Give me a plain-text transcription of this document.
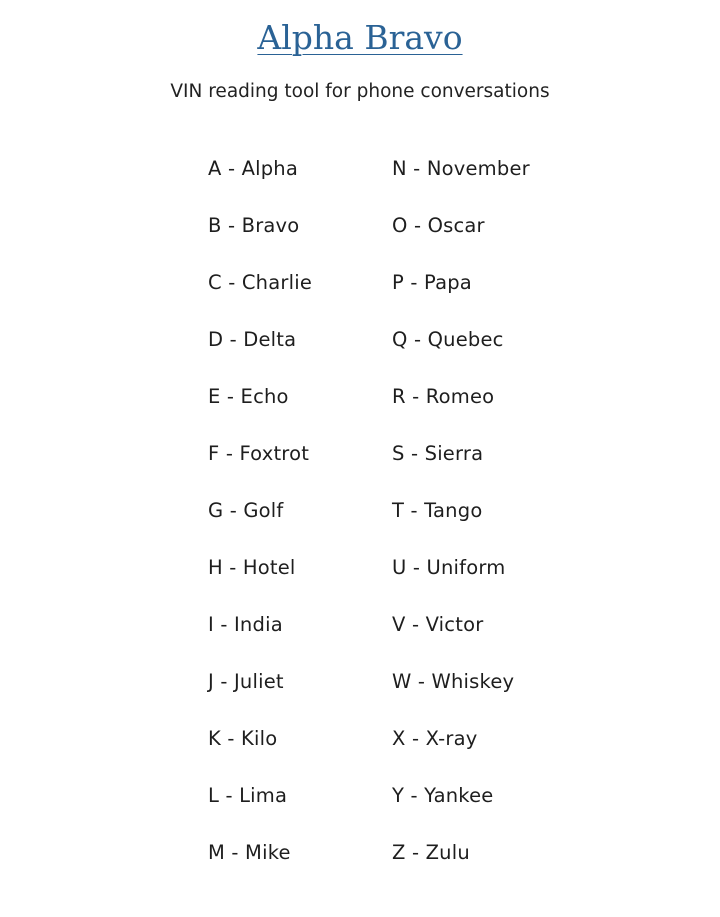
Alpha Bravo

VIN reading tool for phone conversations

A - Alpha
B - Bravo
C - Charlie
D - Delta
E - Echo
F - Foxtrot
G - Golf
H - Hotel
I - India
J - Juliet
K - Kilo
L - Lima
M - Mike
N - November
O - Oscar
P - Papa
Q - Quebec
R - Romeo
S - Sierra
T - Tango
U - Uniform
V - Victor
W - Whiskey
X - X-ray
Y - Yankee
Z - Zulu
